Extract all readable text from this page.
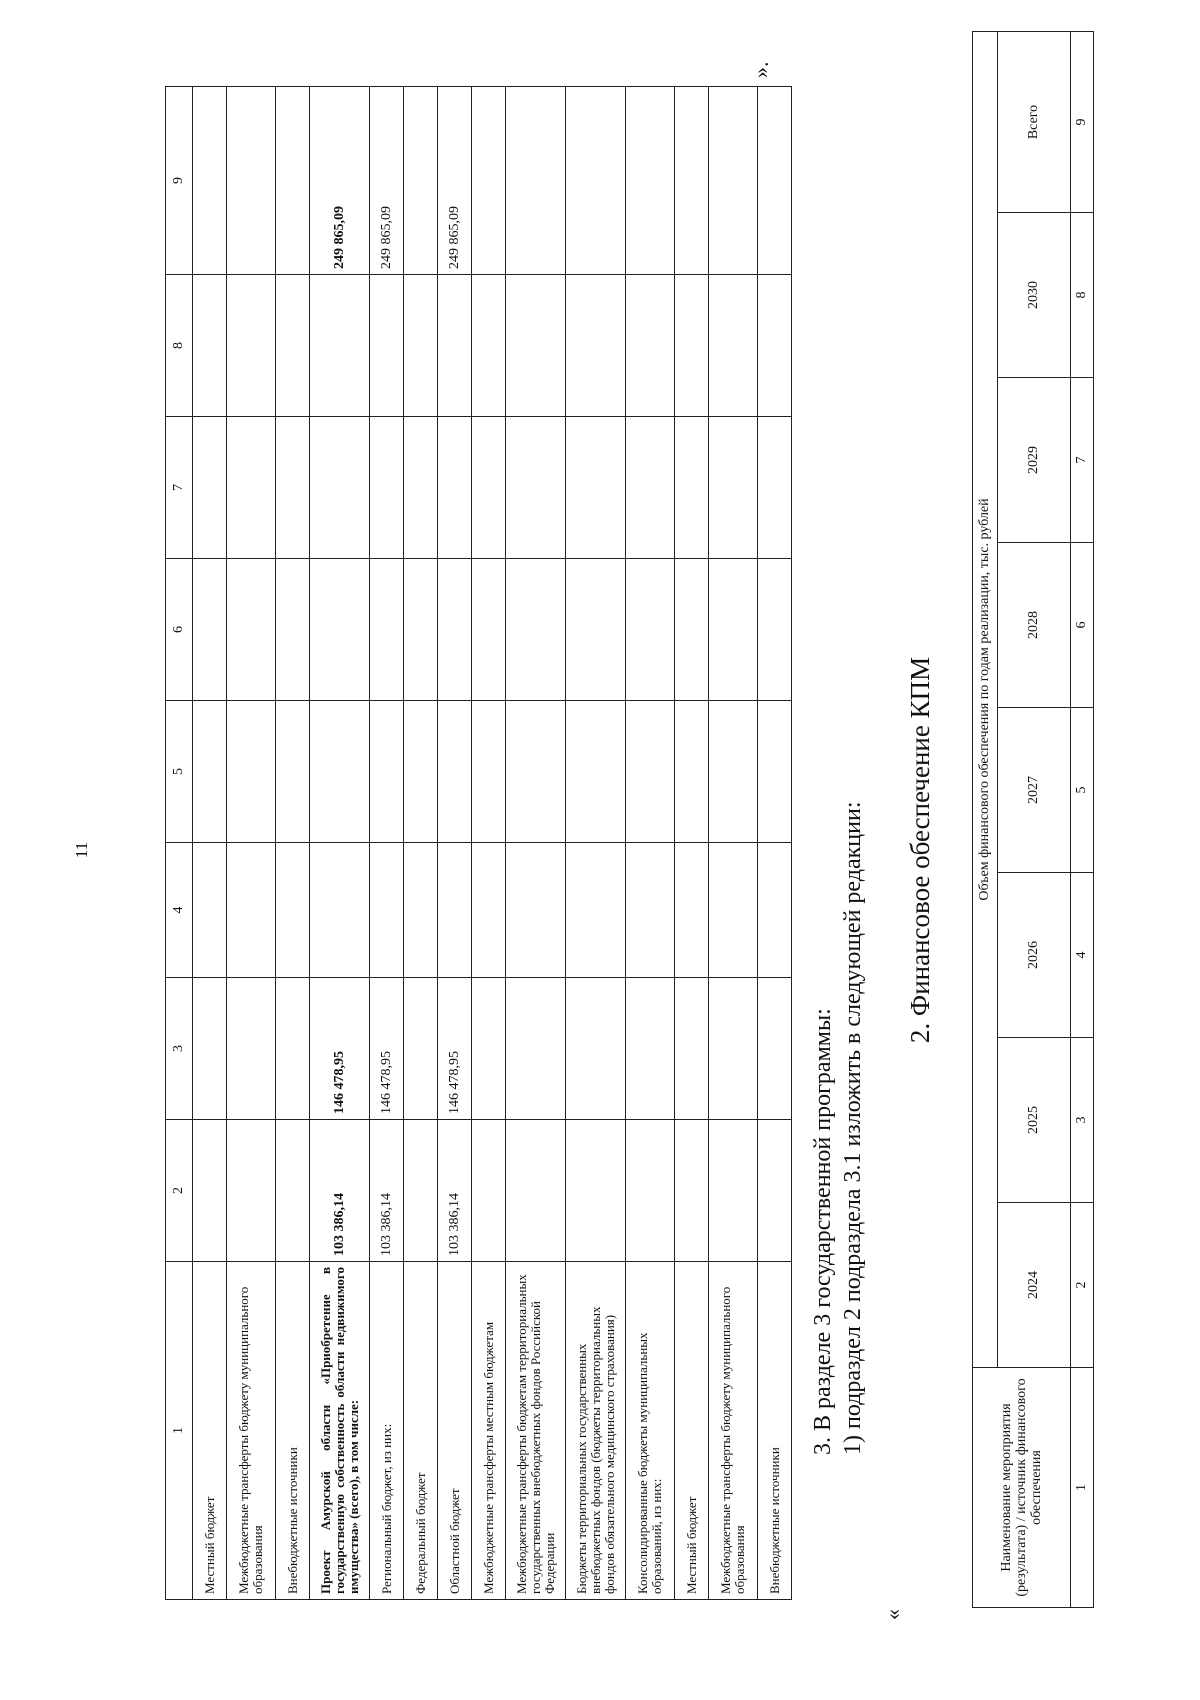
11
1	2	3	4	5	6	7	8	9
Местный бюджет								
Межбюджетные трансферты бюджету муниципального образования								
Внебюджетные источники								
Проект Амурской области «Приобретение в государственную собственность области недвижимого имущества» (всего), в том числе:	103 386,14	146 478,95						249 865,09
Региональный бюджет, из них:	103 386,14	146 478,95						249 865,09
Федеральный бюджет								
Областной бюджет	103 386,14	146 478,95						249 865,09
Межбюджетные трансферты местным бюджетам								
Межбюджетные трансферты бюджетам территориальных государственных внебюджетных фондов Российской Федерации								
Бюджеты территориальных государственных внебюджетных фондов (бюджеты территориальных фондов обязательного медицинского страхования)								
Консолидированные бюджеты муниципальных образований, из них:								
Местный бюджет								
Межбюджетные трансферты бюджету муниципального образования								
Внебюджетные источники								
».
«
3. В разделе 3 государственной программы: 1) подраздел 2 подраздела 3.1 изложить в следующей редакции: 2. Финансовое обеспечение КПМ
Наименование мероприятия (результата) / источник финансового обеспечения	Объем финансового обеспечения по годам реализации, тыс. рублей							
	2024	2025	2026	2027	2028	2029	2030	Всего
1	2	3	4	5	6	7	8	9
